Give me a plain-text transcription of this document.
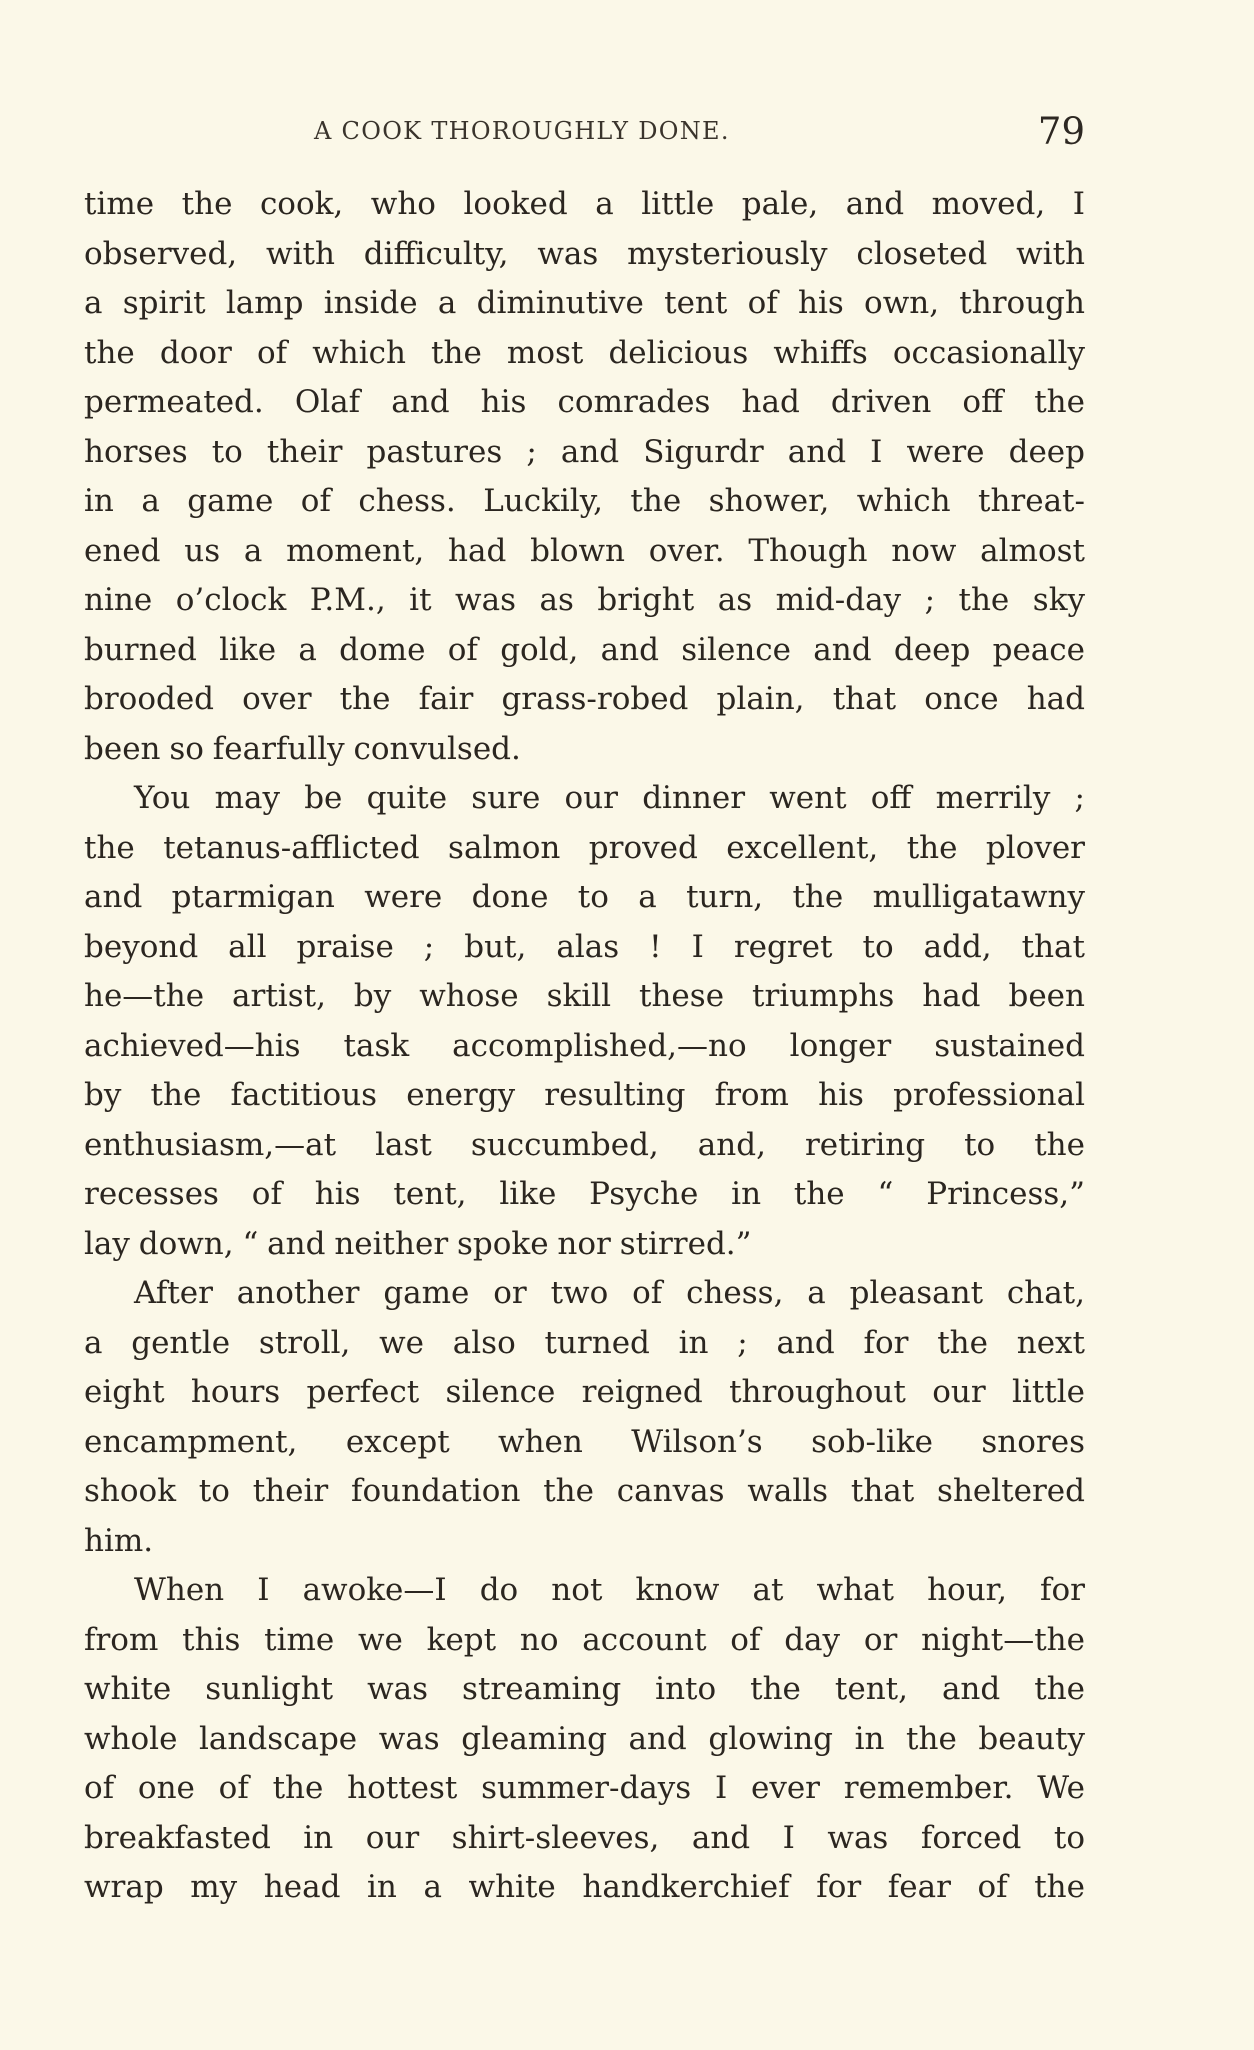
A COOK THOROUGHLY DONE.	79
time the cook, who looked a little pale, and moved, I
observed, with difficulty, was mysteriously closeted with
a spirit lamp inside a diminutive tent of his own, through
the door of which the most delicious whiffs occasionally
permeated. Olaf and his comrades had driven off the
horses to their pastures ; and Sigurdr and I were deep
in a game of chess. Luckily, the shower, which threat-
ened us a moment, had blown over. Though now almost
nine o’clock P.M., it was as bright as mid-day ; the sky
burned like a dome of gold, and silence and deep peace
brooded over the fair grass-robed plain, that once had
been so fearfully convulsed.
You may be quite sure our dinner went off merrily ;
the tetanus-afflicted salmon proved excellent, the plover
and ptarmigan were done to a turn, the mulligatawny
beyond all praise ; but, alas ! I regret to add, that
he—the artist, by whose skill these triumphs had been
achieved—his task accomplished,—no longer sustained
by the factitious energy resulting from his professional
enthusiasm,—at last succumbed, and, retiring to the
recesses of his tent, like Psyche in the “ Princess,”
lay down, “ and neither spoke nor stirred.”
After another game or two of chess, a pleasant chat,
a gentle stroll, we also turned in ; and for the next
eight hours perfect silence reigned throughout our little
encampment, except when Wilson’s sob-like snores
shook to their foundation the canvas walls that sheltered
him.
When I awoke—I do not know at what hour, for
from this time we kept no account of day or night—the
white sunlight was streaming into the tent, and the
whole landscape was gleaming and glowing in the beauty
of one of the hottest summer-days I ever remember. We
breakfasted in our shirt-sleeves, and I was forced to
wrap my head in a white handkerchief for fear of the
